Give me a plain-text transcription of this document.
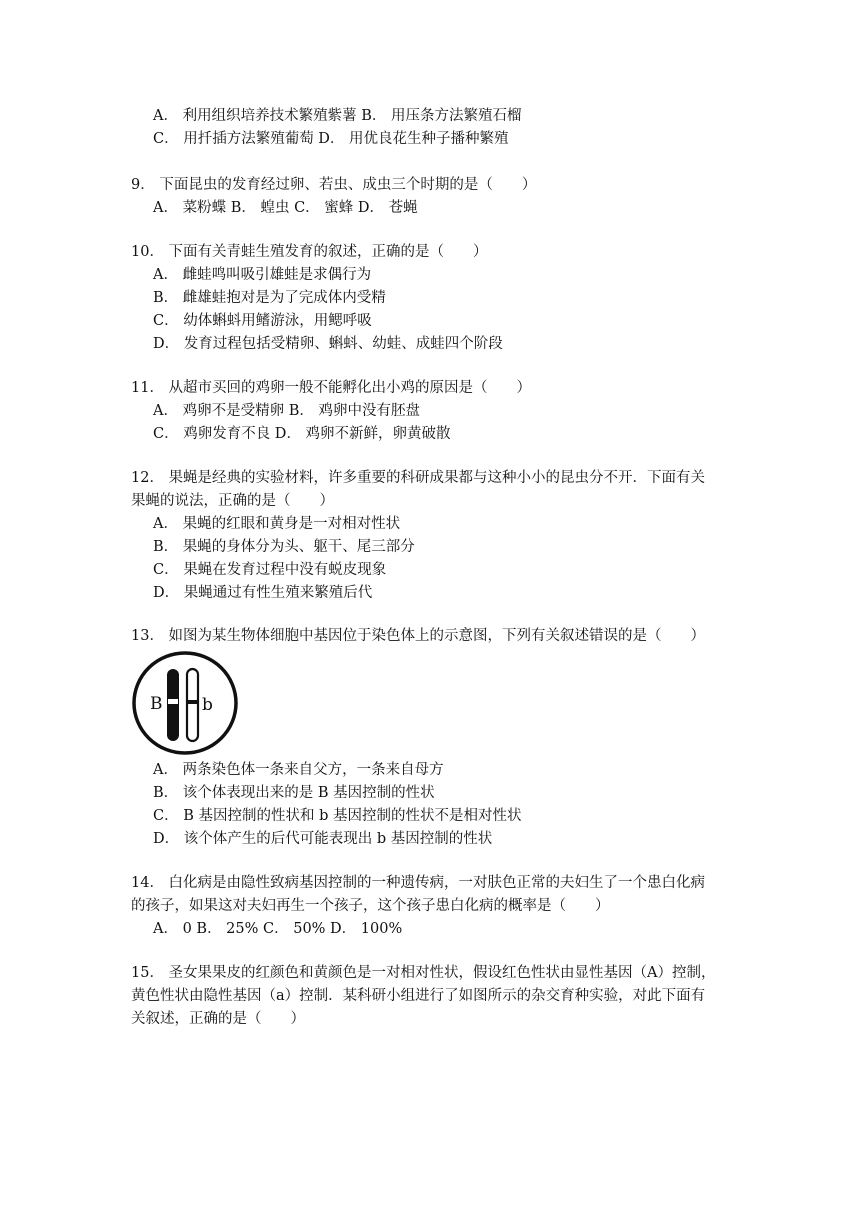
A． 利用组织培养技术繁殖紫薯 B． 用压条方法繁殖石榴
C． 用扦插方法繁殖葡萄 D． 用优良花生种子播种繁殖
9． 下面昆虫的发育经过卵、若虫、成虫三个时期的是（　　）
A． 菜粉蝶 B． 蝗虫 C． 蜜蜂 D． 苍蝇
10． 下面有关青蛙生殖发育的叙述，正确的是（　　）
A． 雌蛙鸣叫吸引雄蛙是求偶行为
B． 雌雄蛙抱对是为了完成体内受精
C． 幼体蝌蚪用鳍游泳，用鳃呼吸
D． 发育过程包括受精卵、蝌蚪、幼蛙、成蛙四个阶段
11． 从超市买回的鸡卵一般不能孵化出小鸡的原因是（　　）
A． 鸡卵不是受精卵 B． 鸡卵中没有胚盘
C． 鸡卵发育不良 D． 鸡卵不新鲜，卵黄破散
12． 果蝇是经典的实验材料，许多重要的科研成果都与这种小小的昆虫分不开．下面有关
果蝇的说法，正确的是（　　）
A． 果蝇的红眼和黄身是一对相对性状
B． 果蝇的身体分为头、躯干、尾三部分
C． 果蝇在发育过程中没有蜕皮现象
D． 果蝇通过有性生殖来繁殖后代
13． 如图为某生物体细胞中基因位于染色体上的示意图，下列有关叙述错误的是（　　）
B b
A． 两条染色体一条来自父方，一条来自母方
B． 该个体表现出来的是 B 基因控制的性状
C． B 基因控制的性状和 b 基因控制的性状不是相对性状
D． 该个体产生的后代可能表现出 b 基因控制的性状
14． 白化病是由隐性致病基因控制的一种遗传病，一对肤色正常的夫妇生了一个患白化病
的孩子，如果这对夫妇再生一个孩子，这个孩子患白化病的概率是（　　）
A． 0 B． 25% C． 50% D． 100%
15． 圣女果果皮的红颜色和黄颜色是一对相对性状，假设红色性状由显性基因（A）控制，
黄色性状由隐性基因（a）控制．某科研小组进行了如图所示的杂交育种实验，对此下面有
关叙述，正确的是（　　）
